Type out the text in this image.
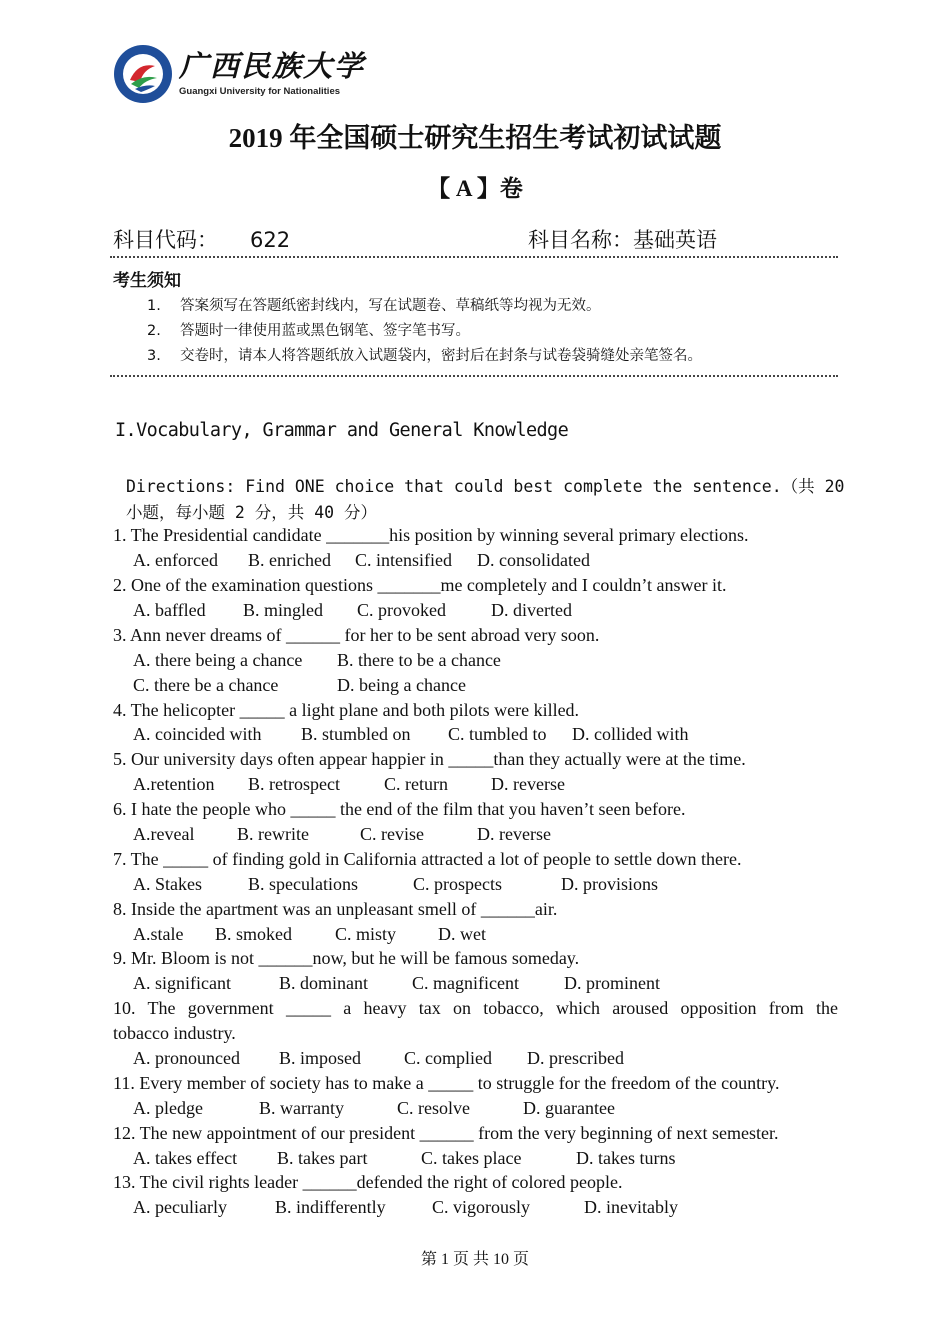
广西民族大学
Guangxi University for Nationalities
2019 年全国硕士研究生招生考试初试试题
【 A 】卷
科目代码： 622	科目名称：基础英语
考生须知
1. 答案须写在答题纸密封线内，写在试题卷、草稿纸等均视为无效。
2. 答题时一律使用蓝或黑色钢笔、签字笔书写。
3. 交卷时，请本人将答题纸放入试题袋内，密封后在封条与试卷袋骑缝处亲笔签名。
I.Vocabulary, Grammar and General Knowledge
Directions: Find ONE choice that could best complete the sentence.（共 20
小题，每小题 2 分，共 40 分）
1. The Presidential candidate _______his position by winning several primary elections.
A. enforced B. enriched C. intensified D. consolidated
2. One of the examination questions _______me completely and I couldn’t answer it.
A. baffled B. mingled C. provoked	D. diverted
3. Ann never dreams of ______ for her to be sent abroad very soon.
A. there being a chance B. there to be a chance
C. there be a chance	D. being a chance
4. The helicopter _____ a light plane and both pilots were killed.
A. coincided with B. stumbled on C. tumbled to D. collided with
5. Our university days often appear happier in _____than they actually were at the time.
A.retention B. retrospect C. return D. reverse
6. I hate the people who _____ the end of the film that you haven’t seen before.
A.reveal B. rewrite	C. revise	D. reverse
7. The _____ of finding gold in California attracted a lot of people to settle down there.
A. Stakes	B. speculations	C. prospects	D. provisions
8. Inside the apartment was an unpleasant smell of ______air.
A.stale B. smoked C. misty D. wet
9. Mr. Bloom is not ______now, but he will be famous someday.
A. significant	B. dominant C. magnificent	D. prominent
10. The government _____ a heavy tax on tobacco, which aroused opposition from the
tobacco industry.
A. pronounced B. imposed C. complied D. prescribed
11. Every member of society has to make a _____ to struggle for the freedom of the country.
A. pledge	B. warranty	C. resolve	D. guarantee
12. The new appointment of our president ______ from the very beginning of next semester.
A. takes effect B. takes part	C. takes place	D. takes turns
13. The civil rights leader ______defended the right of colored people.
A. peculiarly	B. indifferently	C. vigorously	D. inevitably
第 1 页 共 10 页
